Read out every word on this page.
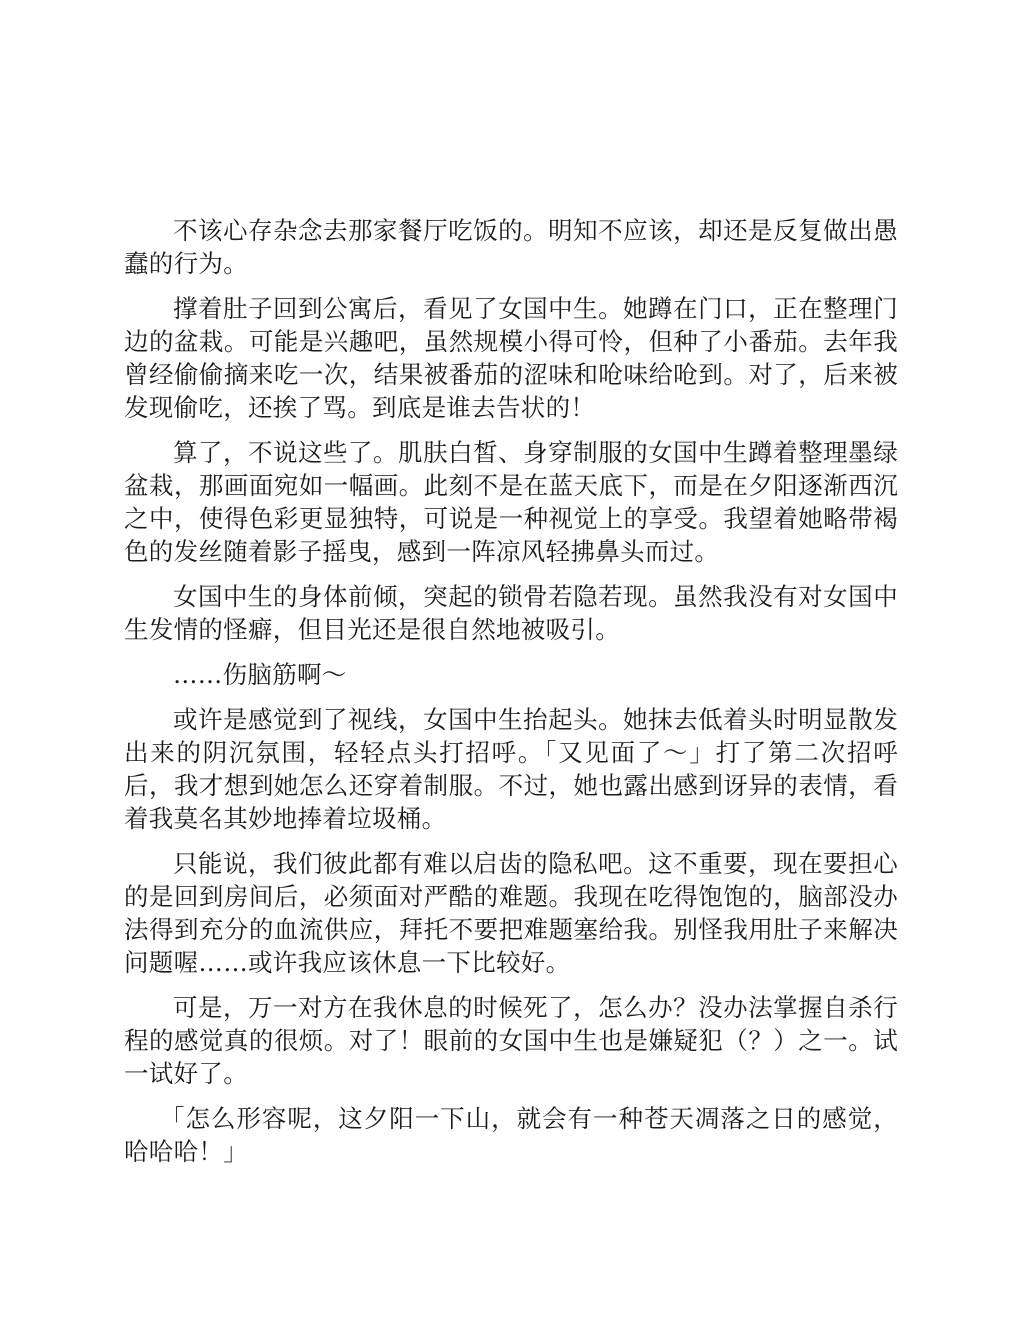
不该心存杂念去那家餐厅吃饭的。明知不应该，却还是反复做出愚蠢的行为。

撑着肚子回到公寓后，看见了女国中生。她蹲在门口，正在整理门边的盆栽。可能是兴趣吧，虽然规模小得可怜，但种了小番茄。去年我曾经偷偷摘来吃一次，结果被番茄的涩味和呛味给呛到。对了，后来被发现偷吃，还挨了骂。到底是谁去告状的！

算了，不说这些了。肌肤白皙、身穿制服的女国中生蹲着整理墨绿盆栽，那画面宛如一幅画。此刻不是在蓝天底下，而是在夕阳逐渐西沉之中，使得色彩更显独特，可说是一种视觉上的享受。我望着她略带褐色的发丝随着影子摇曳，感到一阵凉风轻拂鼻头而过。

女国中生的身体前倾，突起的锁骨若隐若现。虽然我没有对女国中生发情的怪癖，但目光还是很自然地被吸引。

……伤脑筋啊～

或许是感觉到了视线，女国中生抬起头。她抹去低着头时明显散发出来的阴沉氛围，轻轻点头打招呼。「又见面了～」打了第二次招呼后，我才想到她怎么还穿着制服。不过，她也露出感到讶异的表情，看着我莫名其妙地捧着垃圾桶。

只能说，我们彼此都有难以启齿的隐私吧。这不重要，现在要担心的是回到房间后，必须面对严酷的难题。我现在吃得饱饱的，脑部没办法得到充分的血流供应，拜托不要把难题塞给我。别怪我用肚子来解决问题喔……或许我应该休息一下比较好。

可是，万一对方在我休息的时候死了，怎么办？没办法掌握自杀行程的感觉真的很烦。对了！眼前的女国中生也是嫌疑犯（？）之一。试一试好了。

「怎么形容呢，这夕阳一下山，就会有一种苍天凋落之日的感觉，哈哈哈！」
